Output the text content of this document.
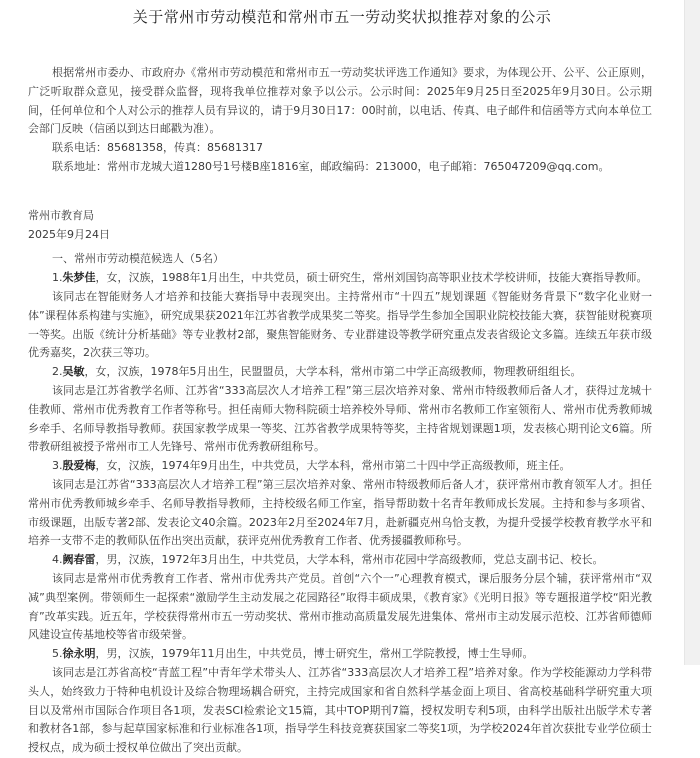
关于常州市劳动模范和常州市五一劳动奖状拟推荐对象的公示

根据常州市委办、市政府办《常州市劳动模范和常州市五一劳动奖状评选工作通知》要求，为体现公开、公平、公正原则，广泛听取群众意见，接受群众监督，现将我单位推荐对象予以公示。公示时间：2025年9月25日至2025年9月30日。公示期间，任何单位和个人对公示的推荐人员有异议的，请于9月30日17：00时前，以电话、传真、电子邮件和信函等方式向本单位工会部门反映（信函以到达日邮戳为准）。

联系电话：85681358，传真：85681317

联系地址：常州市龙城大道1280号1号楼B座1816室，邮政编码：213000，电子邮箱：765047209@qq.com。

常州市教育局

2025年9月24日

一、常州市劳动模范候选人（5名）

1.朱梦佳，女，汉族，1988年1月出生，中共党员，硕士研究生，常州刘国钧高等职业技术学校讲师，技能大赛指导教师。

该同志在智能财务人才培养和技能大赛指导中表现突出。主持常州市“十四五”规划课题《智能财务背景下“数字化业财一体”课程体系构建与实施》，研究成果获2021年江苏省教学成果奖二等奖。指导学生参加全国职业院校技能大赛，获智能财税赛项一等奖。出版《统计分析基础》等专业教材2部，聚焦智能财务、专业群建设等教学研究重点发表省级论文多篇。连续五年获市级优秀嘉奖，2次获三等功。

2.吴敏，女，汉族，1978年5月出生，民盟盟员，大学本科，常州市第二中学正高级教师，物理教研组组长。

该同志是江苏省教学名师、江苏省“333高层次人才培养工程”第三层次培养对象、常州市特级教师后备人才，获得过龙城十佳教师、常州市优秀教育工作者等称号。担任南师大物科院硕士培养校外导师、常州市名教师工作室领衔人、常州市优秀教师城乡牵手、名师导教指导教师。获国家教学成果一等奖、江苏省教学成果特等奖，主持省规划课题1项，发表核心期刊论文6篇。所带教研组被授予常州市工人先锋号、常州市优秀教研组称号。

3.殷爱梅，女，汉族，1974年9月出生，中共党员，大学本科，常州市第二十四中学正高级教师，班主任。

该同志是江苏省“333高层次人才培养工程”第三层次培养对象、常州市特级教师后备人才，获评常州市教育领军人才。担任常州市优秀教师城乡牵手、名师导教指导教师，主持校级名师工作室，指导帮助数十名青年教师成长发展。主持和参与多项省、市级课题，出版专著2部、发表论文40余篇。2023年2月至2024年7月，赴新疆克州乌恰支教，为提升受援学校教育教学水平和培养一支带不走的教师队伍作出突出贡献，获评克州优秀教育工作者、优秀援疆教师称号。

4.阙春雷，男，汉族，1972年3月出生，中共党员，大学本科，常州市花园中学高级教师，党总支副书记、校长。

该同志是常州市优秀教育工作者、常州市优秀共产党员。首创“六个一”心理教育模式，课后服务分层个辅，获评常州市“双减”典型案例。带领师生一起探索“激励学生主动发展之花园路径”取得丰硕成果，《教育家》《光明日报》等专题报道学校“阳光教育”改革实践。近五年，学校获得常州市五一劳动奖状、常州市推动高质量发展先进集体、常州市主动发展示范校、江苏省师德师风建设宣传基地校等省市级荣誉。

5.徐永明，男，汉族，1979年11月出生，中共党员，博士研究生，常州工学院教授，博士生导师。

该同志是江苏省高校“青蓝工程”中青年学术带头人、江苏省“333高层次人才培养工程”培养对象。作为学校能源动力学科带头人，始终致力于特种电机设计及综合物理场耦合研究，主持完成国家和省自然科学基金面上项目、省高校基础科学研究重大项目以及常州市国际合作项目各1项，发表SCI检索论文15篇，其中TOP期刊7篇，授权发明专利5项，由科学出版社出版学术专著和教材各1部，参与起草国家标准和行业标准各1项，指导学生科技竞赛获国家二等奖1项，为学校2024年首次获批专业学位硕士授权点，成为硕士授权单位做出了突出贡献。
